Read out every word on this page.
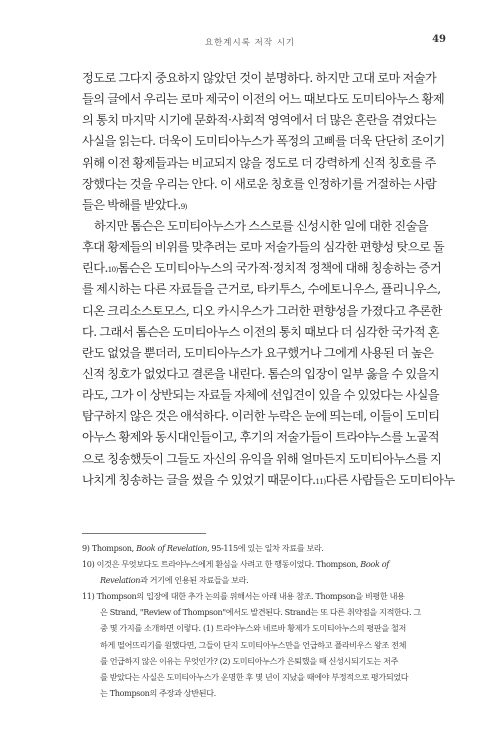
요한계시록 저작 시기	49
정도로 그다지 중요하지 않았던 것이 분명하다. 하지만 고대 로마 저술가
들의 글에서 우리는 로마 제국이 이전의 어느 때보다도 도미티아누스 황제
의 통치 마지막 시기에 문화적·사회적 영역에서 더 많은 혼란을 겪었다는
사실을 읽는다. 더욱이 도미티아누스가 폭정의 고삐를 더욱 단단히 조이기
위해 이전 황제들과는 비교되지 않을 정도로 더 강력하게 신적 칭호를 주
장했다는 것을 우리는 안다. 이 새로운 칭호를 인정하기를 거절하는 사람
들은 박해를 받았다. 9)
하지만 톰슨은 도미티아누스가 스스로를 신성시한 일에 대한 진술을
후대 황제들의 비위를 맞추려는 로마 저술가들의 심각한 편향성 탓으로 돌
린다. 10) 톰슨은 도미티아누스의 국가적·정치적 정책에 대해 칭송하는 증거
를 제시하는 다른 자료들을 근거로, 타키투스, 수에토니우스, 플리니우스,
디온 크리소스토모스, 디오 카시우스가 그러한 편향성을 가졌다고 추론한
다. 그래서 톰슨은 도미티아누스 이전의 통치 때보다 더 심각한 국가적 혼
란도 없었을 뿐더러, 도미티아누스가 요구했거나 그에게 사용된 더 높은
신적 칭호가 없었다고 결론을 내린다. 톰슨의 입장이 일부 옳을 수 있을지
라도, 그가 이 상반되는 자료들 자체에 선입견이 있을 수 있었다는 사실을
탐구하지 않은 것은 애석하다. 이러한 누락은 눈에 띄는데, 이들이 도미티
아누스 황제와 동시대인들이고, 후기의 저술가들이 트라야누스를 노골적
으로 칭송했듯이 그들도 자신의 유익을 위해 얼마든지 도미티아누스를 지
나치게 칭송하는 글을 썼을 수 있었기 때문이다. 11) 다른 사람들은 도미티아누
9) Thompson, Book of Revelation, 95-115에 있는 일차 자료를 보라.
10) 이것은 무엇보다도 트라야누스에게 환심을 사려고 한 행동이었다. Thompson, Book of
Revelation과 거기에 인용된 자료들을 보라.
11) Thompson의 입장에 대한 추가 논의를 위해서는 아래 내용 참조. Thompson을 비평한 내용
은 Strand, "Review of Thompson"에서도 발견된다. Strand는 또 다른 취약점을 지적한다. 그
중 몇 가지를 소개하면 이렇다. (1) 트라야누스와 네르바 황제가 도미티아누스의 평판을 철저
하게 떨어뜨리기를 원했다면, 그들이 단지 도미티아누스만을 언급하고 플라비우스 왕조 전체
를 언급하지 않은 이유는 무엇인가? (2) 도미티아누스가 은퇴했을 때 신성시되기도는 저주
를 받았다는 사실은 도미티아누스가 운명한 후 몇 년이 지났을 때에야 부정적으로 평가되었다
는 Thompson의 주장과 상반된다.
